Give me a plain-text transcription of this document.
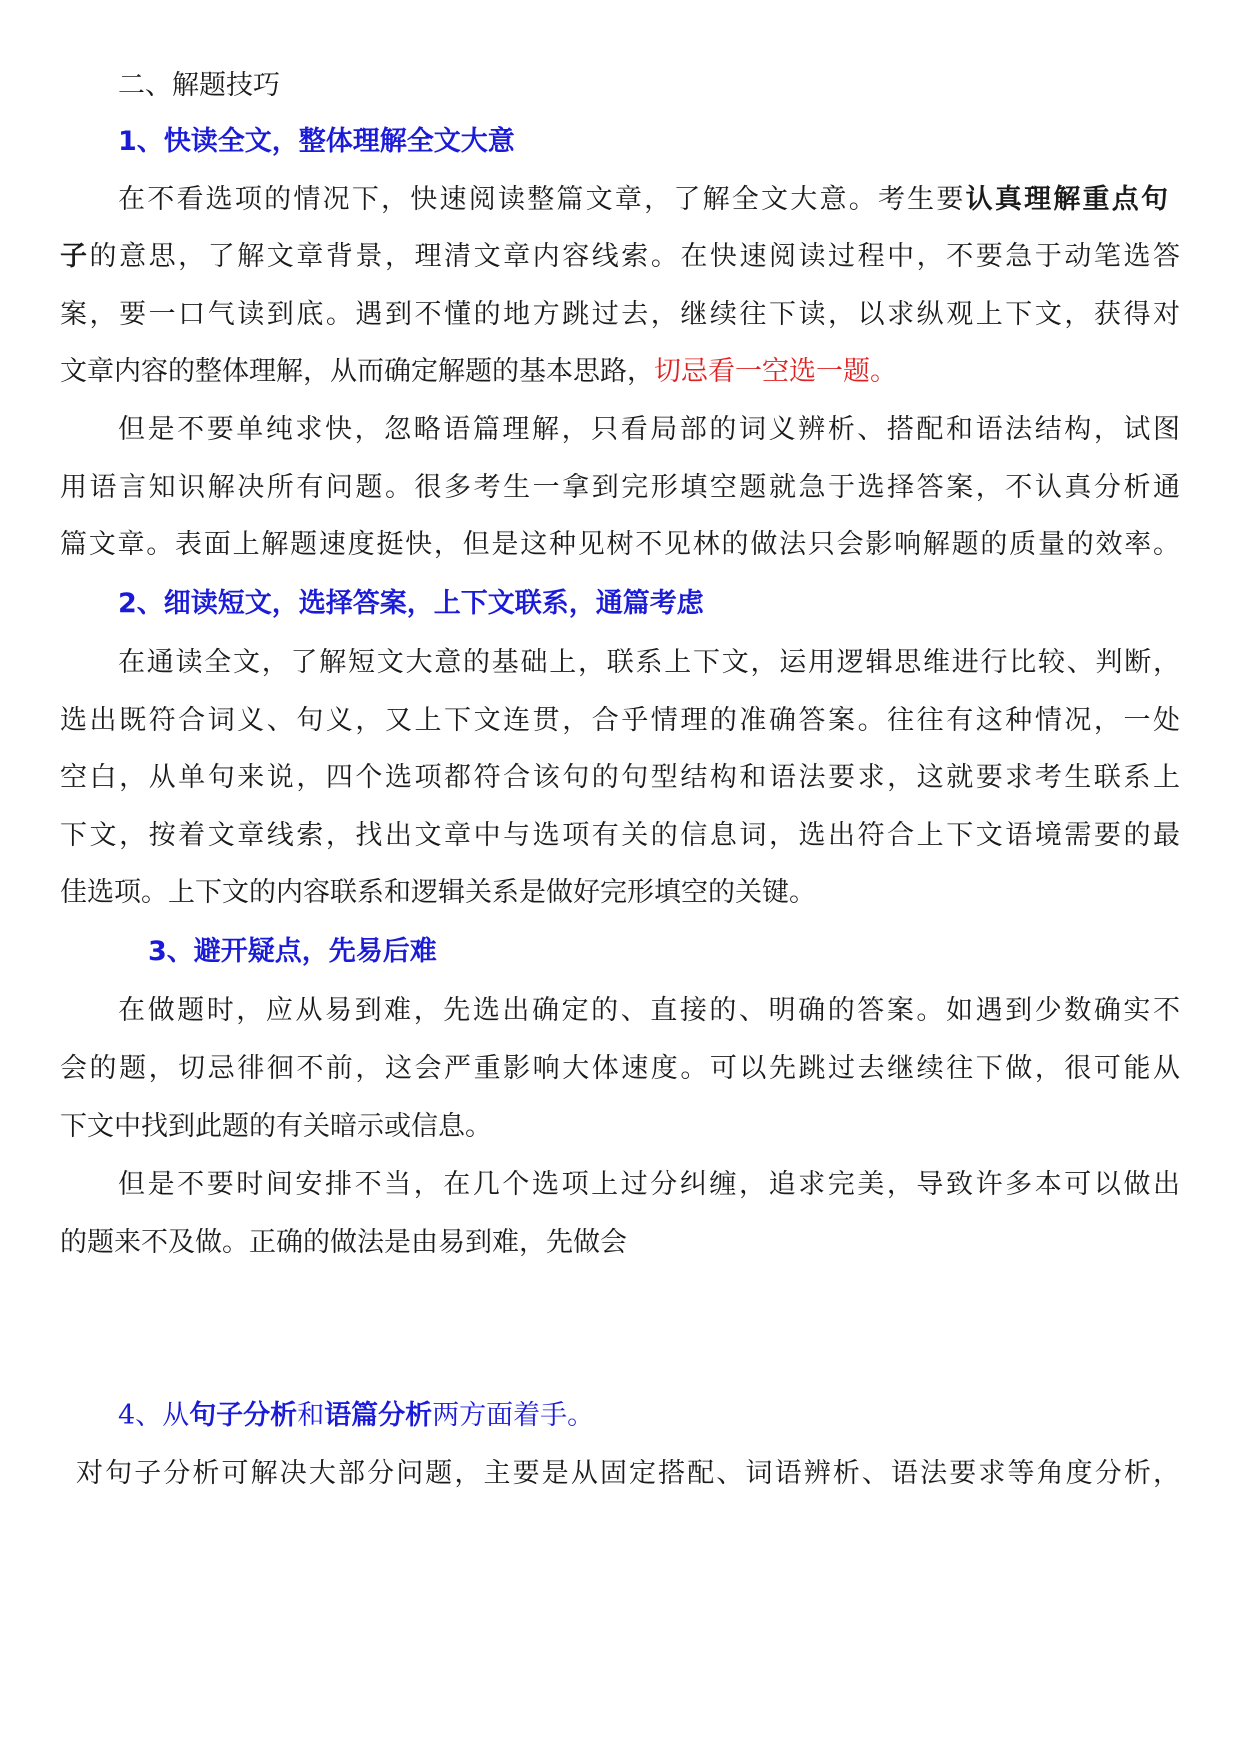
二、解题技巧
1、快读全文，整体理解全文大意
在不看选项的情况下，快速阅读整篇文章，了解全文大意。考生要认真理解重点句
子的意思，了解文章背景，理清文章内容线索。在快速阅读过程中，不要急于动笔选答
案，要一口气读到底。遇到不懂的地方跳过去，继续往下读，以求纵观上下文，获得对
文章内容的整体理解，从而确定解题的基本思路，切忌看一空选一题。
但是不要单纯求快，忽略语篇理解，只看局部的词义辨析、搭配和语法结构，试图
用语言知识解决所有问题。很多考生一拿到完形填空题就急于选择答案，不认真分析通
篇文章。表面上解题速度挺快，但是这种见树不见林的做法只会影响解题的质量的效率。
2、细读短文，选择答案，上下文联系，通篇考虑
在通读全文，了解短文大意的基础上，联系上下文，运用逻辑思维进行比较、判断，
选出既符合词义、句义，又上下文连贯，合乎情理的准确答案。往往有这种情况，一处
空白，从单句来说，四个选项都符合该句的句型结构和语法要求，这就要求考生联系上
下文，按着文章线索，找出文章中与选项有关的信息词，选出符合上下文语境需要的最
佳选项。上下文的内容联系和逻辑关系是做好完形填空的关键。
3、避开疑点，先易后难
在做题时，应从易到难，先选出确定的、直接的、明确的答案。如遇到少数确实不
会的题，切忌徘徊不前，这会严重影响大体速度。可以先跳过去继续往下做，很可能从
下文中找到此题的有关暗示或信息。
但是不要时间安排不当，在几个选项上过分纠缠，追求完美，导致许多本可以做出
的题来不及做。正确的做法是由易到难，先做会
4、从句子分析和语篇分析两方面着手。
对句子分析可解决大部分问题，主要是从固定搭配、词语辨析、语法要求等角度分析，
